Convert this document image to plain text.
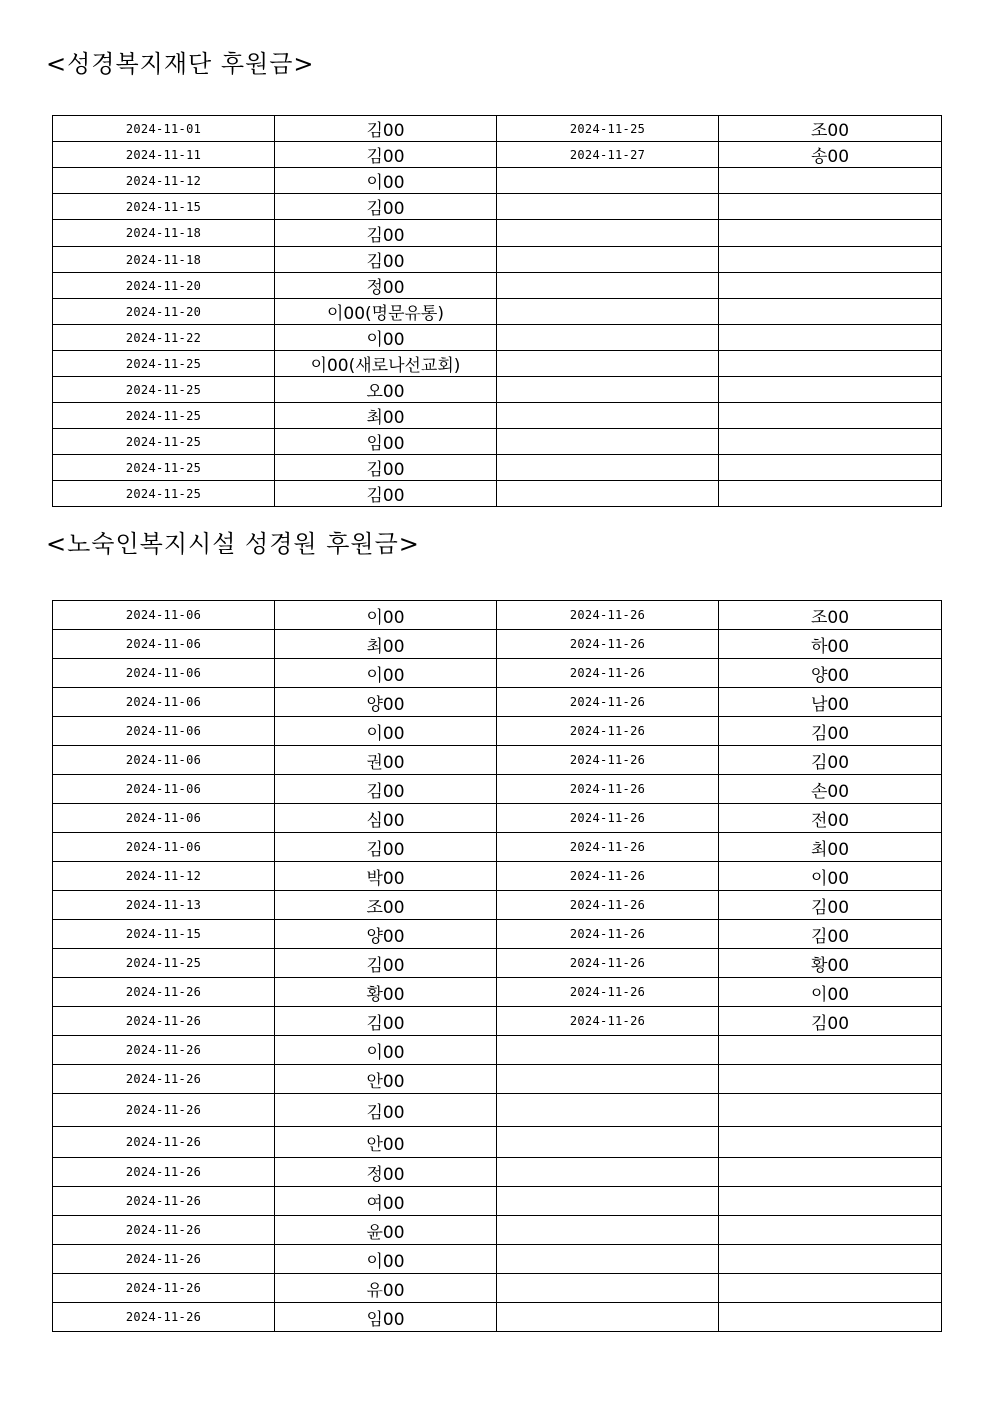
<성경복지재단 후원금>
2024-11-01	김00	2024-11-25	조00
2024-11-11	김00	2024-11-27	송00
2024-11-12	이00		
2024-11-15	김00		
2024-11-18	김00		
2024-11-18	김00		
2024-11-20	정00		
2024-11-20	이00(명문유통)		
2024-11-22	이00		
2024-11-25	이00(새로나선교회)		
2024-11-25	오00		
2024-11-25	최00		
2024-11-25	임00		
2024-11-25	김00		
2024-11-25	김00		
<노숙인복지시설 성경원 후원금>
2024-11-06	이00	2024-11-26	조00
2024-11-06	최00	2024-11-26	하00
2024-11-06	이00	2024-11-26	양00
2024-11-06	양00	2024-11-26	남00
2024-11-06	이00	2024-11-26	김00
2024-11-06	권00	2024-11-26	김00
2024-11-06	김00	2024-11-26	손00
2024-11-06	심00	2024-11-26	전00
2024-11-06	김00	2024-11-26	최00
2024-11-12	박00	2024-11-26	이00
2024-11-13	조00	2024-11-26	김00
2024-11-15	양00	2024-11-26	김00
2024-11-25	김00	2024-11-26	황00
2024-11-26	황00	2024-11-26	이00
2024-11-26	김00	2024-11-26	김00
2024-11-26	이00		
2024-11-26	안00		
2024-11-26	김00		
2024-11-26	안00		
2024-11-26	정00		
2024-11-26	여00		
2024-11-26	윤00		
2024-11-26	이00		
2024-11-26	유00		
2024-11-26	임00		
